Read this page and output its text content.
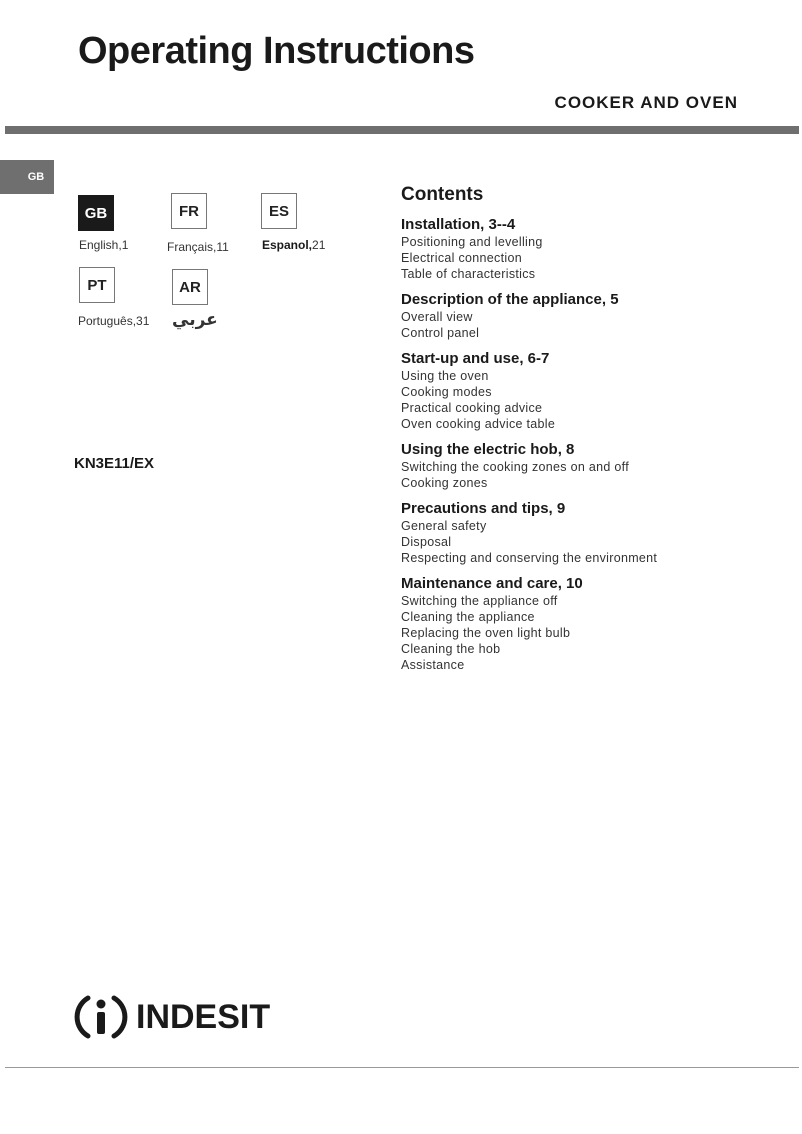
Operating Instructions
COOKER AND OVEN
GB
GB
English,1
FR
Français,11
ES
Espanol,21
PT
Português,31
AR
عربي
KN3E11/EX
Contents
Installation, 3--4
Positioning and levelling
Electrical connection
Table of characteristics
Description of the appliance, 5
Overall view
Control panel
Start-up and use, 6-7
Using the oven
Cooking modes
Practical cooking advice
Oven cooking advice table
Using the electric hob, 8
Switching the cooking zones on and off
Cooking zones
Precautions and tips, 9
General safety
Disposal
Respecting and conserving the environment
Maintenance and care, 10
Switching the appliance off
Cleaning the appliance
Replacing the oven light bulb
Cleaning the hob
Assistance
INDESIT
